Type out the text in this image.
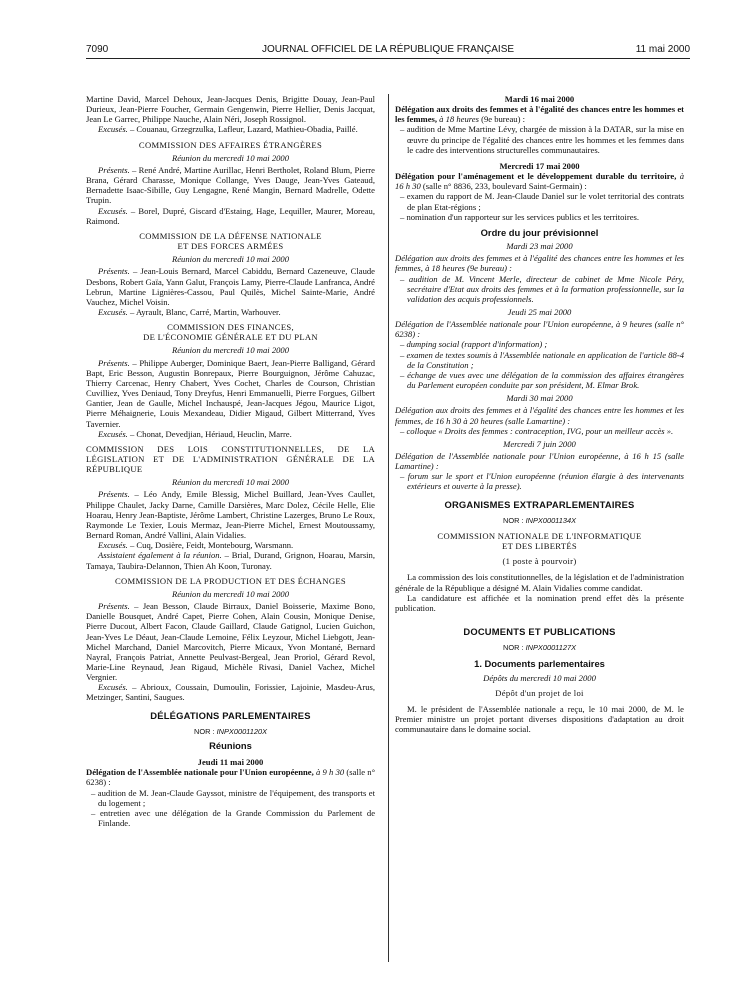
7090	JOURNAL OFFICIEL DE LA RÉPUBLIQUE FRANÇAISE	11 mai 2000

Martine David, Marcel Dehoux, Jean-Jacques Denis, Brigitte Douay, Jean-Paul Durieux, Jean-Pierre Foucher, Germain Gengenwin, Pierre Hellier, Denis Jacquat, Jean Le Garrec, Philippe Nauche, Alain Néri, Joseph Rossignol.

Excusés. – Couanau, Grzegrzulka, Lafleur, Lazard, Mathieu-Obadia, Paillé.

COMMISSION DES AFFAIRES ÉTRANGÈRES

Réunion du mercredi 10 mai 2000

Présents. – René André, Martine Aurillac, Henri Bertholet, Roland Blum, Pierre Brana, Gérard Charasse, Monique Collange, Yves Dauge, Jean-Yves Gateaud, Bernadette Isaac-Sibille, Guy Lengagne, René Mangin, Bernard Madrelle, Odette Trupin.

Excusés. – Borel, Dupré, Giscard d'Estaing, Hage, Lequiller, Maurer, Moreau, Raimond.

COMMISSION DE LA DÉFENSE NATIONALE
ET DES FORCES ARMÉES

Réunion du mercredi 10 mai 2000

Présents. – Jean-Louis Bernard, Marcel Cabiddu, Bernard Cazeneuve, Claude Desbons, Robert Gaïa, Yann Galut, François Lamy, Pierre-Claude Lanfranca, André Lebrun, Martine Lignières-Cassou, Paul Quilès, Michel Sainte-Marie, André Vauchez, Michel Voisin.

Excusés. – Ayrault, Blanc, Carré, Martin, Warhouver.

COMMISSION DES FINANCES,
DE L'ÉCONOMIE GÉNÉRALE ET DU PLAN

Réunion du mercredi 10 mai 2000

Présents. – Philippe Auberger, Dominique Baert, Jean-Pierre Balligand, Gérard Bapt, Eric Besson, Augustin Bonrepaux, Pierre Bourguignon, Jérôme Cahuzac, Thierry Carcenac, Henry Chabert, Yves Cochet, Charles de Courson, Christian Cuvilliez, Yves Deniaud, Tony Dreyfus, Henri Emmanuelli, Pierre Forgues, Gilbert Gantier, Jean de Gaulle, Michel Inchauspé, Jean-Jacques Jégou, Maurice Ligot, Pierre Méhaignerie, Louis Mexandeau, Didier Migaud, Gilbert Mitterrand, Yves Tavernier.

Excusés. – Chonat, Devedjian, Hériaud, Heuclin, Marre.

COMMISSION DES LOIS CONSTITUTIONNELLES, DE LA LÉGISLATION ET DE L'ADMINISTRATION GÉNÉRALE DE LA RÉPUBLIQUE

Réunion du mercredi 10 mai 2000

Présents. – Léo Andy, Emile Blessig, Michel Buillard, Jean-Yves Caullet, Philippe Chaulet, Jacky Darne, Camille Darsières, Marc Dolez, Cécile Helle, Elie Hoarau, Henry Jean-Baptiste, Jérôme Lambert, Christine Lazerges, Bruno Le Roux, Raymonde Le Texier, Louis Mermaz, Jean-Pierre Michel, Ernest Moutoussamy, Bernard Roman, André Vallini, Alain Vidalies.

Excusés. – Cuq, Dosière, Feidt, Montebourg, Warsmann.

Assistaient également à la réunion. – Brial, Durand, Grignon, Hoarau, Marsin, Tamaya, Taubira-Delannon, Thien Ah Koon, Turonay.

COMMISSION DE LA PRODUCTION ET DES ÉCHANGES

Réunion du mercredi 10 mai 2000

Présents. – Jean Besson, Claude Birraux, Daniel Boisserie, Maxime Bono, Danielle Bousquet, André Capet, Pierre Cohen, Alain Cousin, Monique Denise, Pierre Ducout, Albert Facon, Claude Gaillard, Claude Gatignol, Lucien Guichon, Jean-Yves Le Déaut, Jean-Claude Lemoine, Félix Leyzour, Michel Liebgott, Jean-Michel Marchand, Daniel Marcovitch, Pierre Micaux, Yvon Montané, Bernard Nayral, François Patriat, Annette Peulvast-Bergeal, Jean Proriol, Gérard Revol, Marie-Line Reynaud, Jean Rigaud, Michèle Rivasi, Daniel Vachez, Michel Vergnier.

Excusés. – Abrioux, Coussain, Dumoulin, Forissier, Lajoinie, Masdeu-Arus, Metzinger, Santini, Saugues.

DÉLÉGATIONS PARLEMENTAIRES

NOR : INPX0001120X

Réunions

Jeudi 11 mai 2000

Délégation de l'Assemblée nationale pour l'Union européenne, à 9 h 30 (salle n° 6238) :

– audition de M. Jean-Claude Gayssot, ministre de l'équipement, des transports et du logement ;
– entretien avec une délégation de la Grande Commission du Parlement de Finlande.

Mardi 16 mai 2000

Délégation aux droits des femmes et à l'égalité des chances entre les hommes et les femmes, à 18 heures (9e bureau) :

– audition de Mme Martine Lévy, chargée de mission à la DATAR, sur la mise en œuvre du principe de l'égalité des chances entre les hommes et les femmes dans le cadre des interventions structurelles communautaires.

Mercredi 17 mai 2000

Délégation pour l'aménagement et le développement durable du territoire, à 16 h 30 (salle n° 8836, 233, boulevard Saint-Germain) :

– examen du rapport de M. Jean-Claude Daniel sur le volet territorial des contrats de plan Etat-régions ;
– nomination d'un rapporteur sur les services publics et les territoires.

Ordre du jour prévisionnel

Mardi 23 mai 2000

Délégation aux droits des femmes et à l'égalité des chances entre les hommes et les femmes, à 18 heures (9e bureau) :

– audition de M. Vincent Merle, directeur de cabinet de Mme Nicole Péry, secrétaire d'Etat aux droits des femmes et à la formation professionnelle, sur la validation des acquis professionnels.

Jeudi 25 mai 2000

Délégation de l'Assemblée nationale pour l'Union européenne, à 9 heures (salle n° 6238) :

– dumping social (rapport d'information) ;
– examen de textes soumis à l'Assemblée nationale en application de l'article 88-4 de la Constitution ;
– échange de vues avec une délégation de la commission des affaires étrangères du Parlement européen conduite par son président, M. Elmar Brok.

Mardi 30 mai 2000

Délégation aux droits des femmes et à l'égalité des chances entre les hommes et les femmes, de 16 h 30 à 20 heures (salle Lamartine) :

– colloque « Droits des femmes : contraception, IVG, pour un meilleur accès ».

Mercredi 7 juin 2000

Délégation de l'Assemblée nationale pour l'Union européenne, à 16 h 15 (salle Lamartine) :

– forum sur le sport et l'Union européenne (réunion élargie à des intervenants extérieurs et ouverte à la presse).

ORGANISMES EXTRAPARLEMENTAIRES

NOR : INPX0001134X

COMMISSION NATIONALE DE L'INFORMATIQUE
ET DES LIBERTÉS

(1 poste à pourvoir)

La commission des lois constitutionnelles, de la législation et de l'administration générale de la République a désigné M. Alain Vidalies comme candidat.

La candidature est affichée et la nomination prend effet dès la présente publication.

DOCUMENTS ET PUBLICATIONS

NOR : INPX0001127X

1. Documents parlementaires

Dépôts du mercredi 10 mai 2000

Dépôt d'un projet de loi

M. le président de l'Assemblée nationale a reçu, le 10 mai 2000, de M. le Premier ministre un projet portant diverses dispositions d'adaptation au droit communautaire dans le domaine social.
